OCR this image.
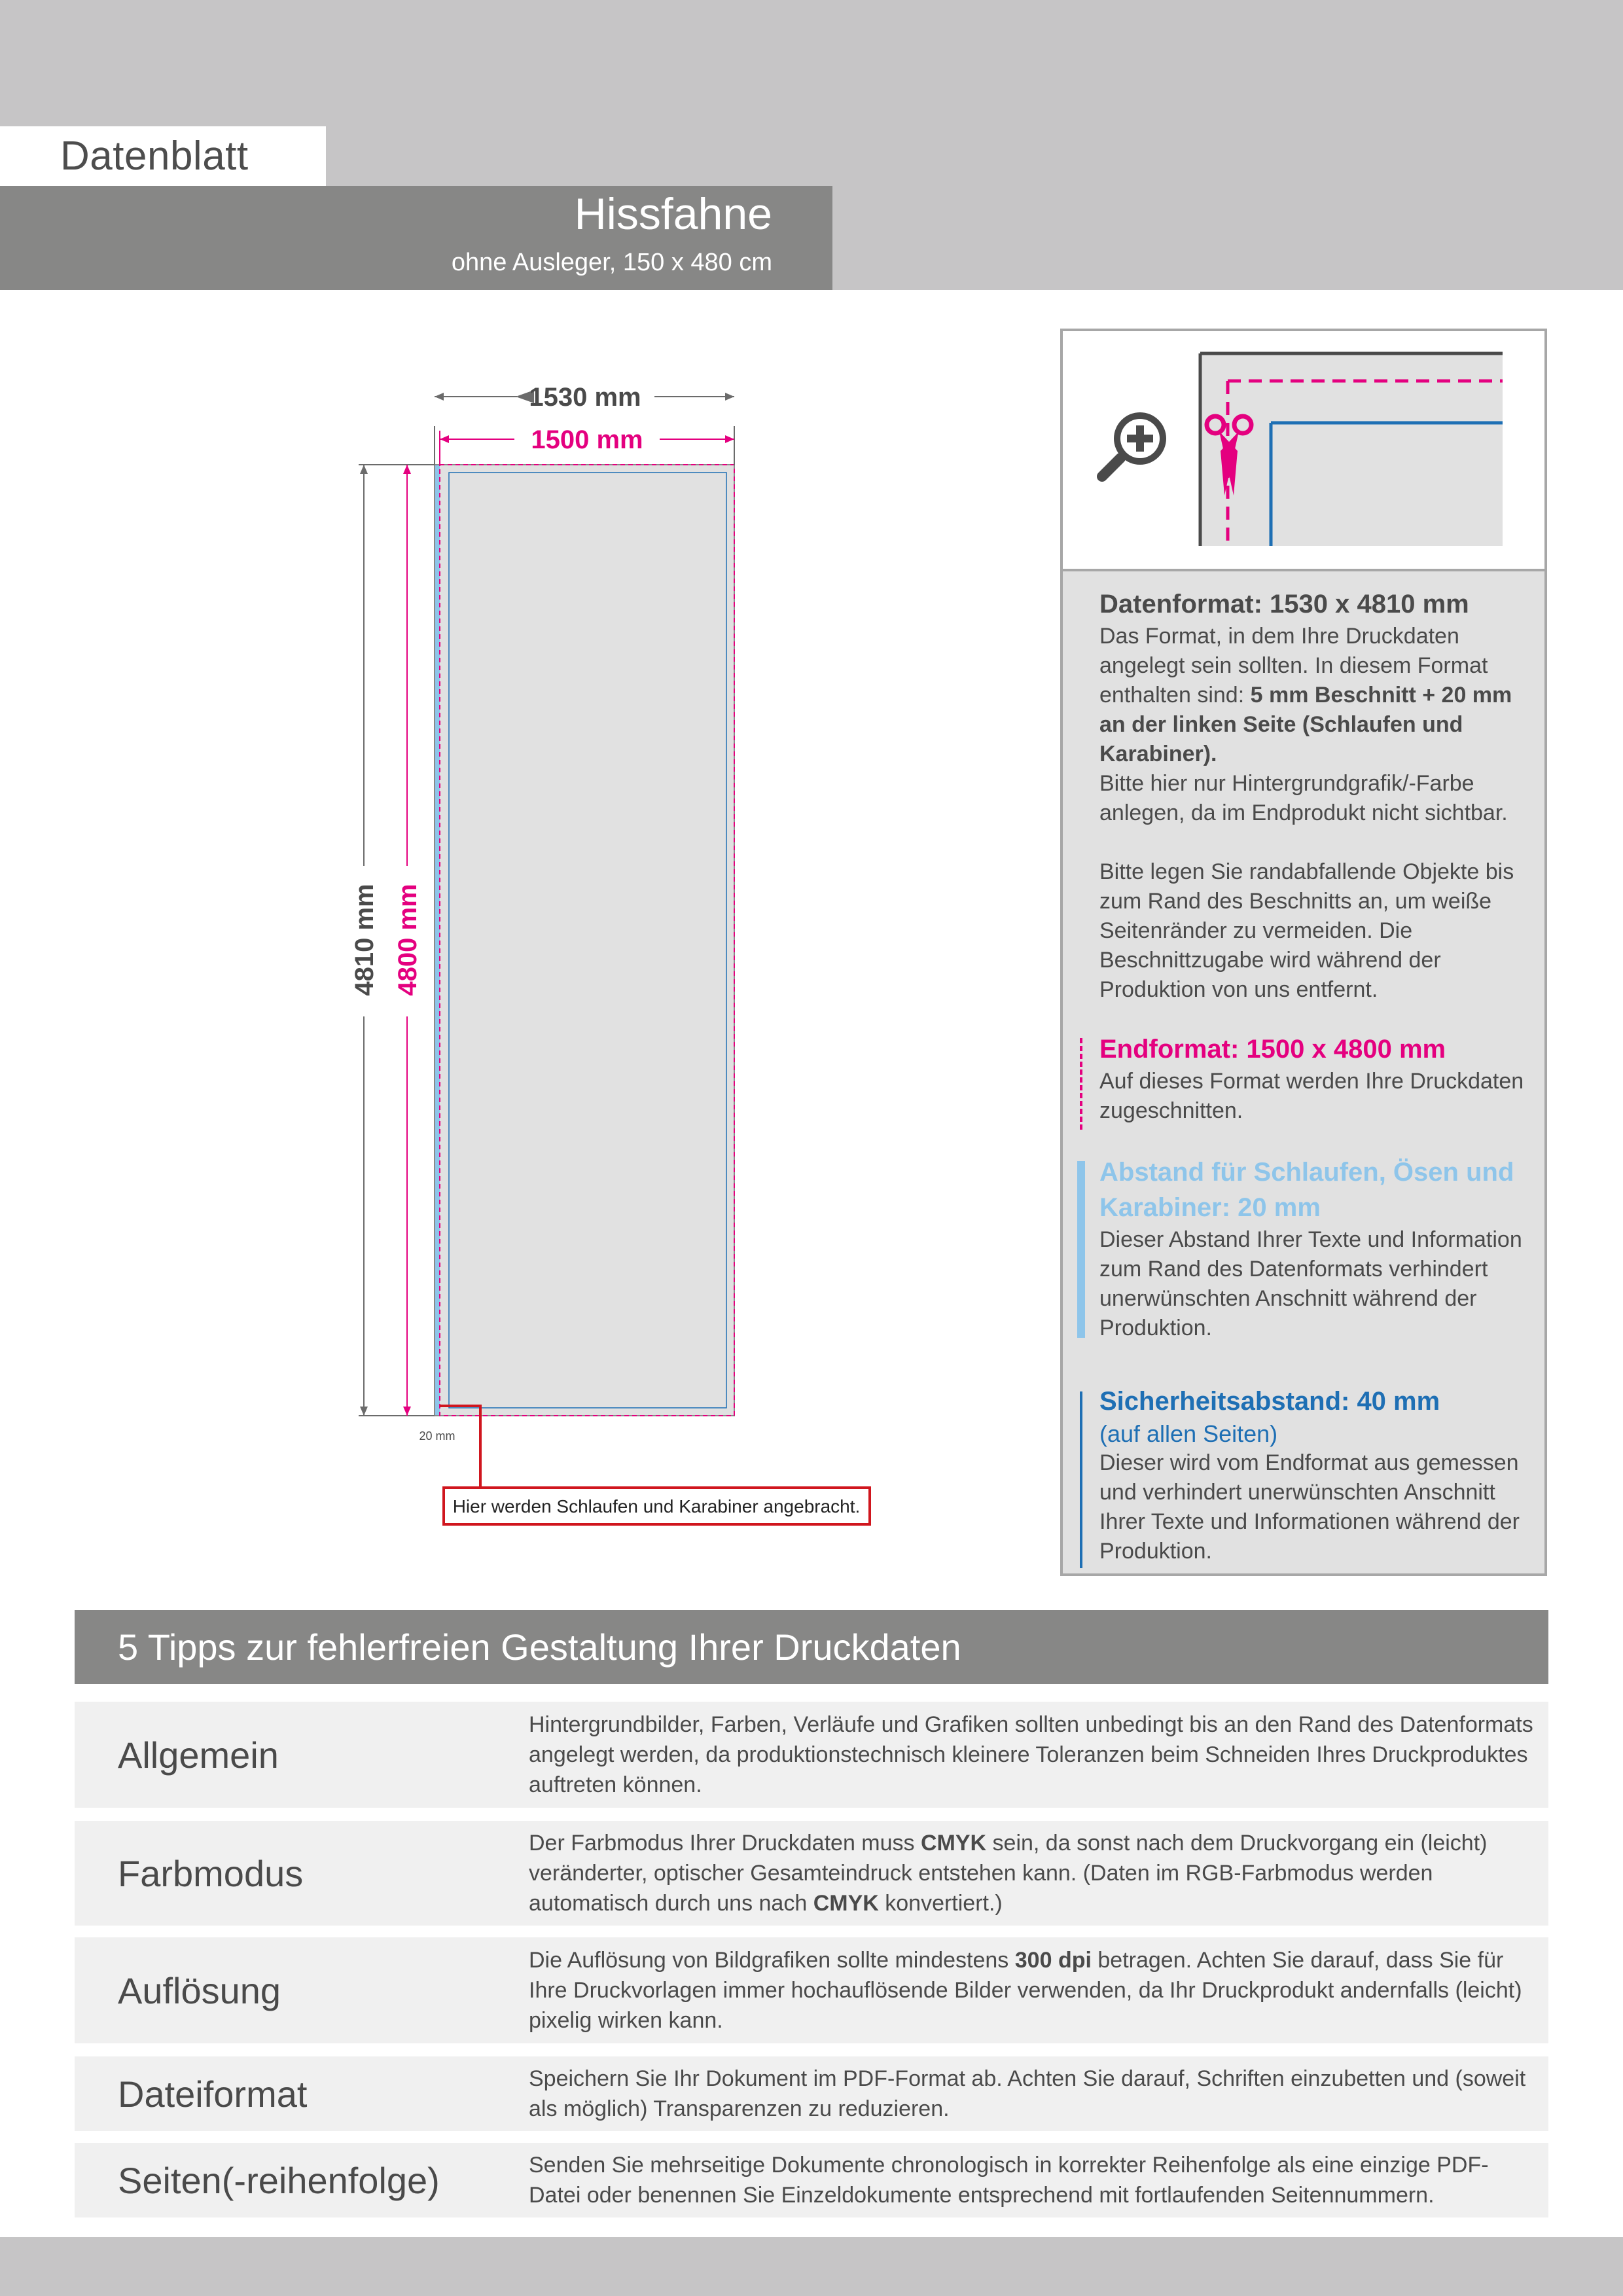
Datenblatt
Hissfahne
ohne Ausleger, 150 x 480 cm
1530 mm
1500 mm
4810 mm 4800 mm
20 mm
Hier werden Schlaufen und Karabiner angebracht.
Datenformat: 1530 x 4810 mm
Das Format, in dem Ihre Druckdaten angelegt sein sollten. In diesem Format enthalten sind: 5 mm Beschnitt + 20 mm an der linken Seite (Schlaufen und Karabiner).
Bitte hier nur Hintergrundgrafik/-Farbe anlegen, da im Endprodukt nicht sichtbar.
Bitte legen Sie randabfallende Objekte bis zum Rand des Beschnitts an, um weiße Seitenränder zu vermeiden. Die Beschnittzugabe wird während der Produktion von uns entfernt.
Endformat: 1500 x 4800 mm
Auf dieses Format werden Ihre Druckdaten zugeschnitten.
Abstand für Schlaufen, Ösen und Karabiner: 20 mm
Dieser Abstand Ihrer Texte und Information zum Rand des Datenformats verhindert unerwünschten Anschnitt während der Produktion.
Sicherheitsabstand: 40 mm
(auf allen Seiten)
Dieser wird vom Endformat aus gemessen und verhindert unerwünschten Anschnitt Ihrer Texte und Informationen während der Produktion.
5 Tipps zur fehlerfreien Gestaltung Ihrer Druckdaten
Allgemein
Hintergrundbilder, Farben, Verläufe und Grafiken sollten unbedingt bis an den Rand des Datenformats angelegt werden, da produktionstechnisch kleinere Toleranzen beim Schneiden Ihres Druckproduktes auftreten können.
Farbmodus
Der Farbmodus Ihrer Druckdaten muss CMYK sein, da sonst nach dem Druckvorgang ein (leicht) veränderter, optischer Gesamteindruck entstehen kann. (Daten im RGB-Farbmodus werden automatisch durch uns nach CMYK konvertiert.)
Auflösung
Die Auflösung von Bildgrafiken sollte mindestens 300 dpi betragen. Achten Sie darauf, dass Sie für Ihre Druckvorlagen immer hochauflösende Bilder verwenden, da Ihr Druckprodukt andernfalls (leicht) pixelig wirken kann.
Dateiformat	Speichern Sie Ihr Dokument im PDF-Format ab. Achten Sie darauf, Schriften einzubetten und (soweit als möglich) Transparenzen zu reduzieren.
Seiten(-reihenfolge)	Senden Sie mehrseitige Dokumente chronologisch in korrekter Reihenfolge als eine einzige PDF-Datei oder benennen Sie Einzeldokumente entsprechend mit fortlaufenden Seitennummern.
